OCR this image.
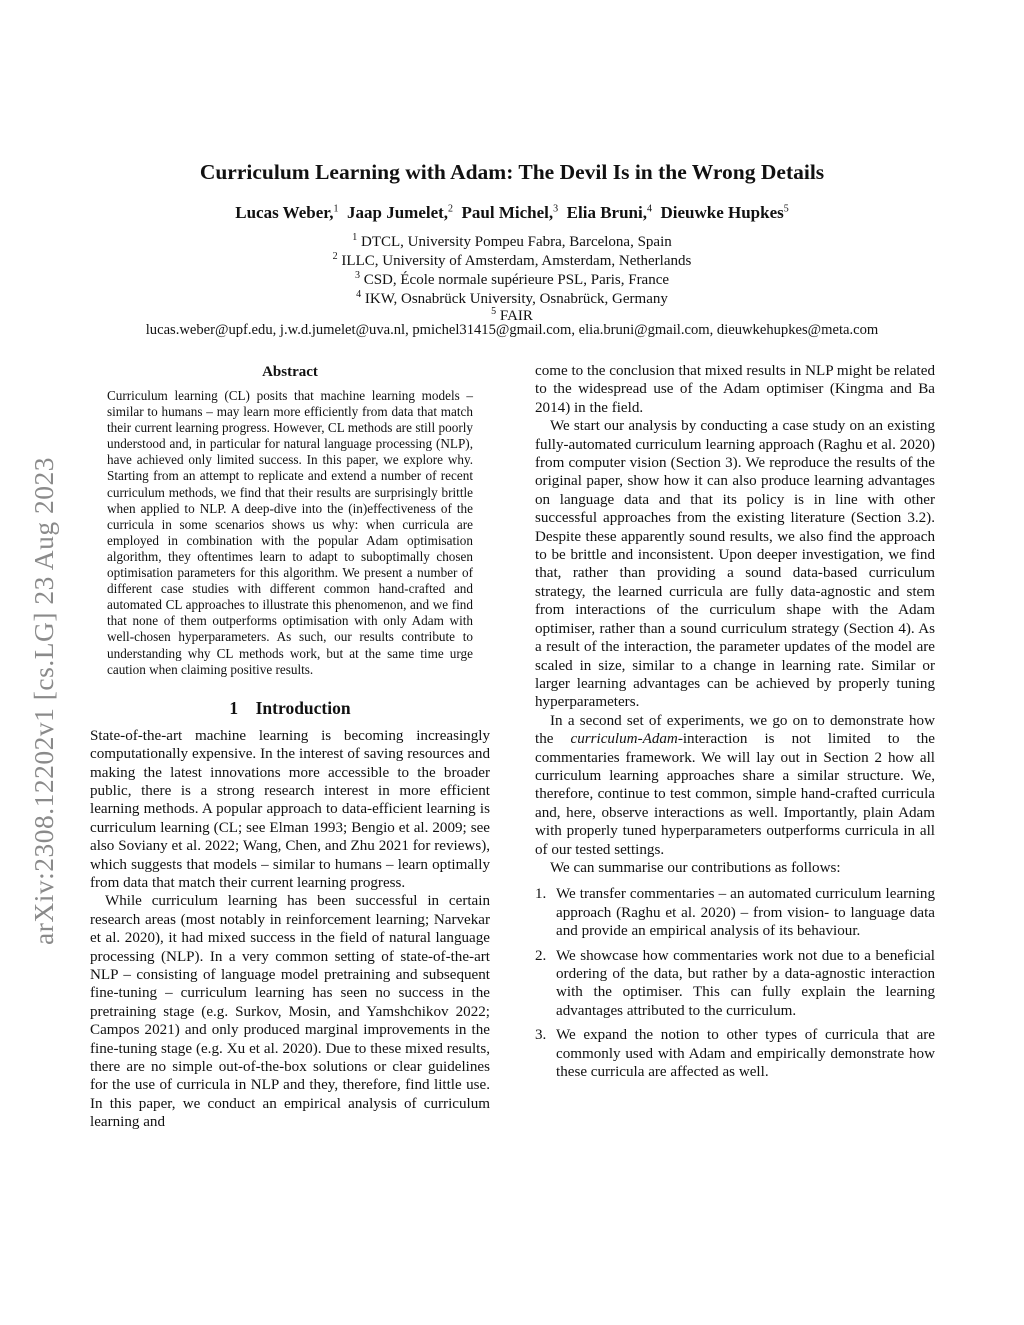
arXiv:2308.12202v1 [cs.LG] 23 Aug 2023
Curriculum Learning with Adam: The Devil Is in the Wrong Details
Lucas Weber,$^1$ Jaap Jumelet,$^2$ Paul Michel,$^3$ Elia Bruni,$^4$ Dieuwke Hupkes$^5$
$^1$ DTCL, University Pompeu Fabra, Barcelona, Spain
$^2$ ILLC, University of Amsterdam, Amsterdam, Netherlands
$^3$ CSD, École normale supérieure PSL, Paris, France
$^4$ IKW, Osnabrück University, Osnabrück, Germany
$^5$ FAIR
lucas.weber@upf.edu, j.w.d.jumelet@uva.nl, pmichel31415@gmail.com, elia.bruni@gmail.com, dieuwkehupkes@meta.com
Abstract

Curriculum learning (CL) posits that machine learning models – similar to humans – may learn more efficiently from data that match their current learning progress. However, CL methods are still poorly understood and, in particular for natural language processing (NLP), have achieved only limited success. In this paper, we explore why. Starting from an attempt to replicate and extend a number of recent curriculum methods, we find that their results are surprisingly brittle when applied to NLP. A deep-dive into the (in)effectiveness of the curricula in some scenarios shows us why: when curricula are employed in combination with the popular Adam optimisation algorithm, they oftentimes learn to adapt to suboptimally chosen optimisation parameters for this algorithm. We present a number of different case studies with different common hand-crafted and automated CL approaches to illustrate this phenomenon, and we find that none of them outperforms optimisation with only Adam with well-chosen hyperparameters. As such, our results contribute to understanding why CL methods work, but at the same time urge caution when claiming positive results.

1 Introduction

State-of-the-art machine learning is becoming increasingly computationally expensive. In the interest of saving resources and making the latest innovations more accessible to the broader public, there is a strong research interest in more efficient learning methods. A popular approach to data-efficient learning is curriculum learning (CL; see Elman 1993; Bengio et al. 2009; see also Soviany et al. 2022; Wang, Chen, and Zhu 2021 for reviews), which suggests that models – similar to humans – learn optimally from data that match their current learning progress.

While curriculum learning has been successful in certain research areas (most notably in reinforcement learning; Narvekar et al. 2020), it had mixed success in the field of natural language processing (NLP). In a very common setting of state-of-the-art NLP – consisting of language model pretraining and subsequent fine-tuning – curriculum learning has seen no success in the pretraining stage (e.g. Surkov, Mosin, and Yamshchikov 2022; Campos 2021) and only produced marginal improvements in the fine-tuning stage (e.g. Xu et al. 2020). Due to these mixed results, there are no simple out-of-the-box solutions or clear guidelines for the use of curricula in NLP and they, therefore, find little use. In this paper, we conduct an empirical analysis of curriculum learning and

come to the conclusion that mixed results in NLP might be related to the widespread use of the Adam optimiser (Kingma and Ba 2014) in the field.

We start our analysis by conducting a case study on an existing fully-automated curriculum learning approach (Raghu et al. 2020) from computer vision (Section 3). We reproduce the results of the original paper, show how it can also produce learning advantages on language data and that its policy is in line with other successful approaches from the existing literature (Section 3.2). Despite these apparently sound results, we also find the approach to be brittle and inconsistent. Upon deeper investigation, we find that, rather than providing a sound data-based curriculum strategy, the learned curricula are fully data-agnostic and stem from interactions of the curriculum shape with the Adam optimiser, rather than a sound curriculum strategy (Section 4). As a result of the interaction, the parameter updates of the model are scaled in size, similar to a change in learning rate. Similar or larger learning advantages can be achieved by properly tuning hyperparameters.

In a second set of experiments, we go on to demonstrate how the curriculum-Adam-interaction is not limited to the commentaries framework. We will lay out in Section 2 how all curriculum learning approaches share a similar structure. We, therefore, continue to test common, simple hand-crafted curricula and, here, observe interactions as well. Importantly, plain Adam with properly tuned hyperparameters outperforms curricula in all of our tested settings.

We can summarise our contributions as follows:

1. We transfer commentaries – an automated curriculum learning approach (Raghu et al. 2020) – from vision- to language data and provide an empirical analysis of its behaviour.
2. We showcase how commentaries work not due to a beneficial ordering of the data, but rather by a data-agnostic interaction with the optimiser. This can fully explain the learning advantages attributed to the curriculum.
3. We expand the notion to other types of curricula that are commonly used with Adam and empirically demonstrate how these curricula are affected as well.
